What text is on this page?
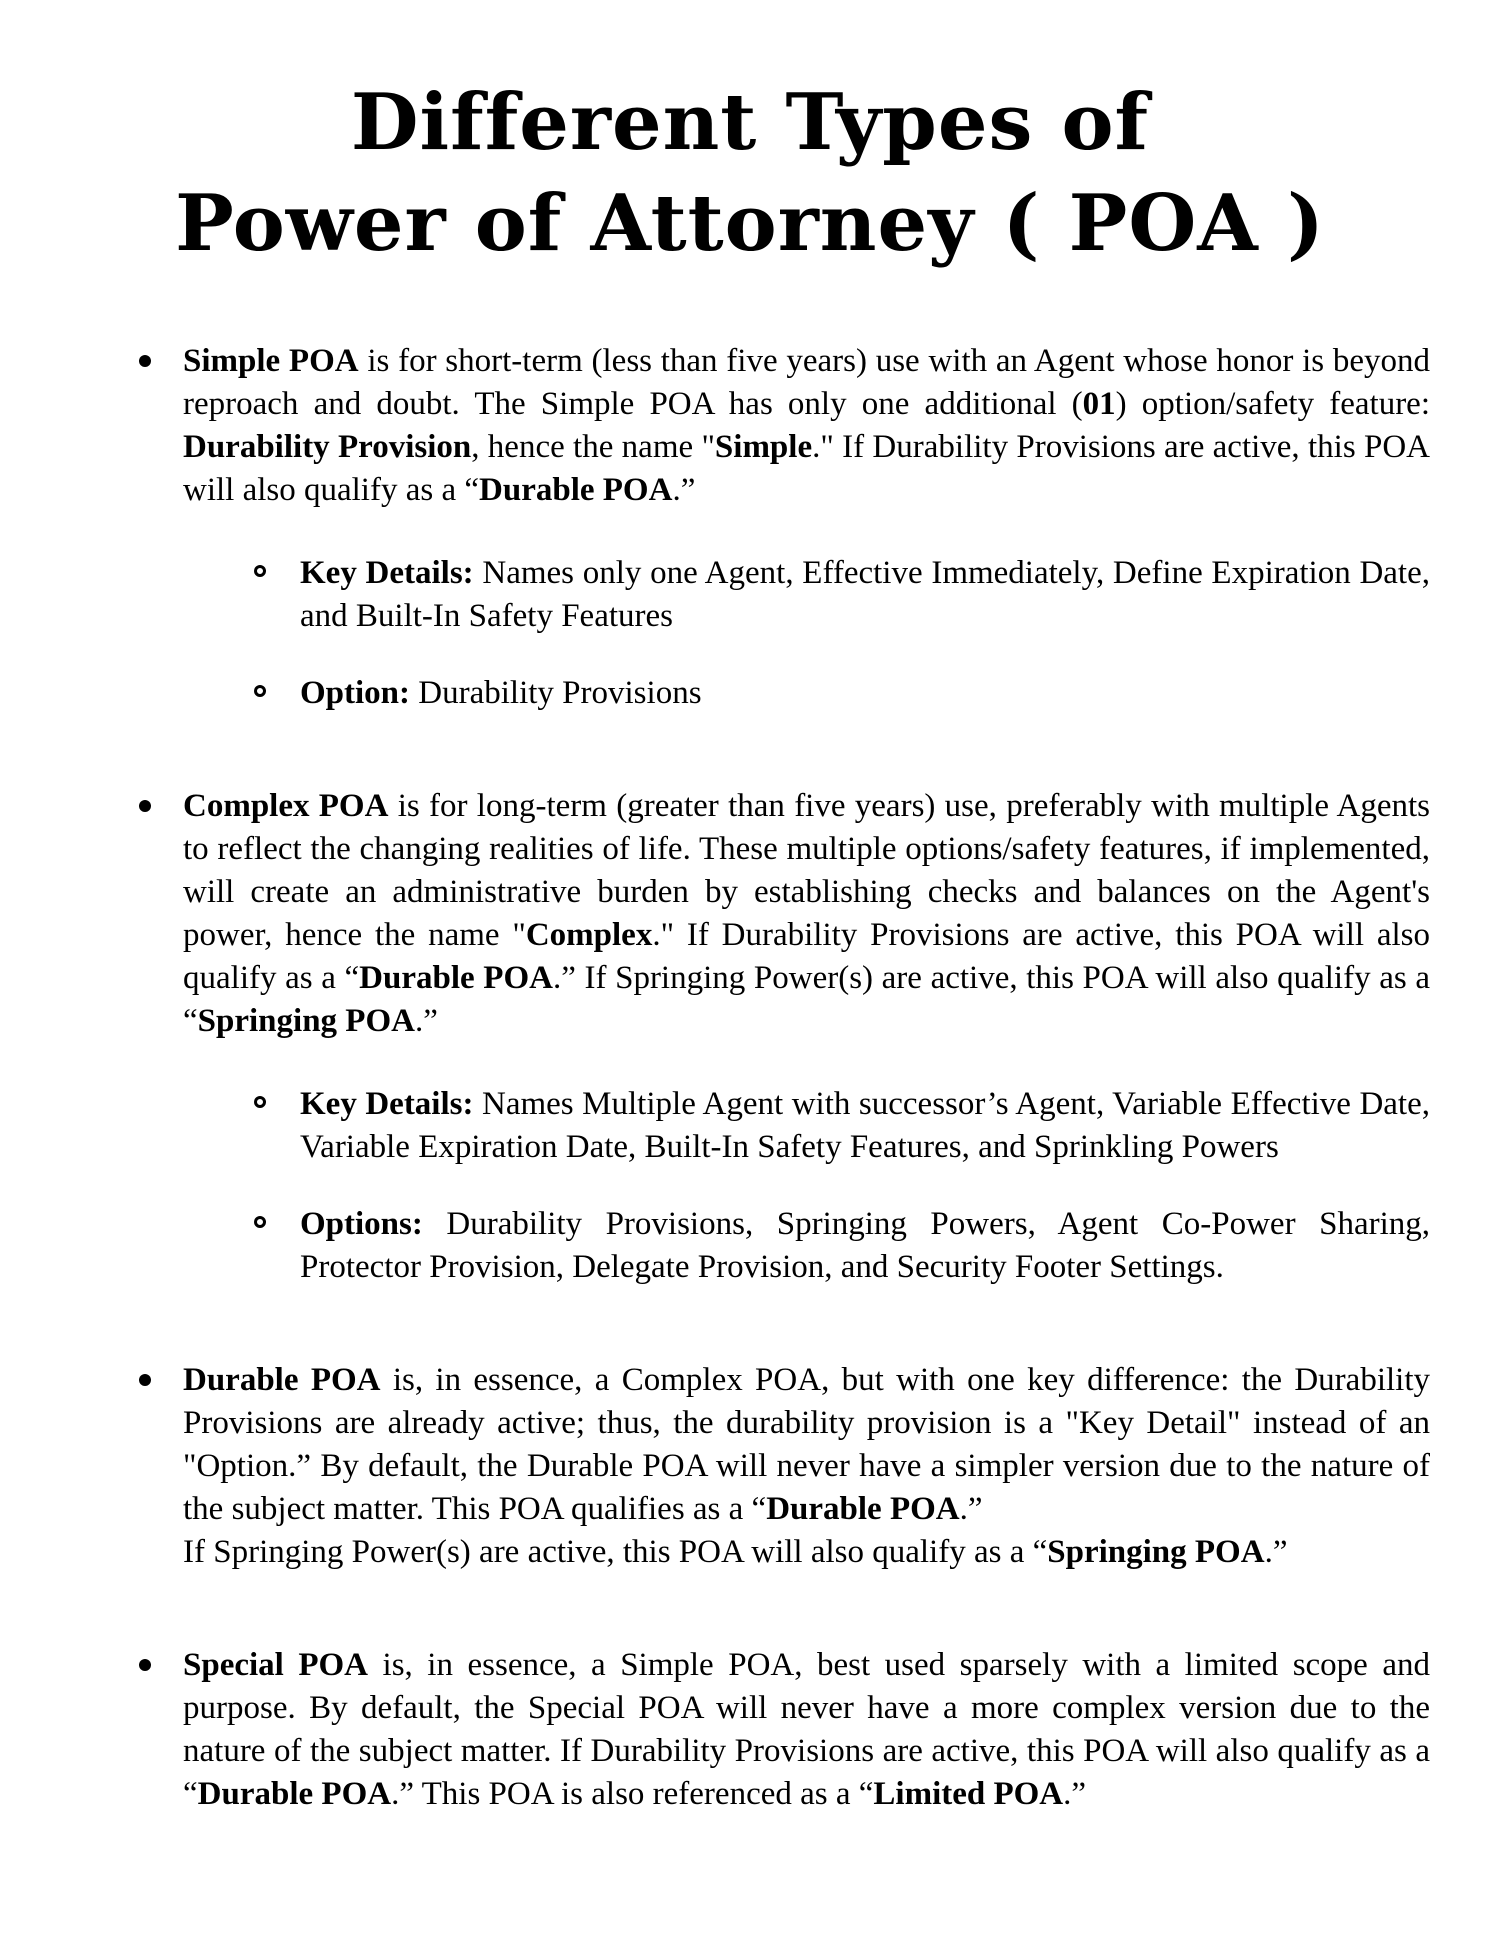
Different Types of
Power of Attorney ( POA )

Simple POA is for short-term (less than five years) use with an Agent whose honor is beyond reproach and doubt. The Simple POA has only one additional (01) option/safety feature: Durability Provision, hence the name "Simple." If Durability Provisions are active, this POA will also qualify as a “Durable POA.”

Key Details: Names only one Agent, Effective Immediately, Define Expiration Date, and Built-In Safety Features
Option: Durability Provisions

Complex POA is for long-term (greater than five years) use, preferably with multiple Agents to reflect the changing realities of life. These multiple options/safety features, if implemented, will create an administrative burden by establishing checks and balances on the Agent's power, hence the name "Complex." If Durability Provisions are active, this POA will also qualify as a “Durable POA.” If Springing Power(s) are active, this POA will also qualify as a “Springing POA.”

Key Details: Names Multiple Agent with successor’s Agent, Variable Effective Date, Variable Expiration Date, Built-In Safety Features, and Sprinkling Powers
Options: Durability Provisions, Springing Powers, Agent Co-Power Sharing, Protector Provision, Delegate Provision, and Security Footer Settings.

Durable POA is, in essence, a Complex POA, but with one key difference: the Durability Provisions are already active; thus, the durability provision is a "Key Detail" instead of an "Option.” By default, the Durable POA will never have a simpler version due to the nature of the subject matter. This POA qualifies as a “Durable POA.”

If Springing Power(s) are active, this POA will also qualify as a “Springing POA.”

Special POA is, in essence, a Simple POA, best used sparsely with a limited scope and purpose. By default, the Special POA will never have a more complex version due to the nature of the subject matter. If Durability Provisions are active, this POA will also qualify as a “Durable POA.” This POA is also referenced as a “Limited POA.”
